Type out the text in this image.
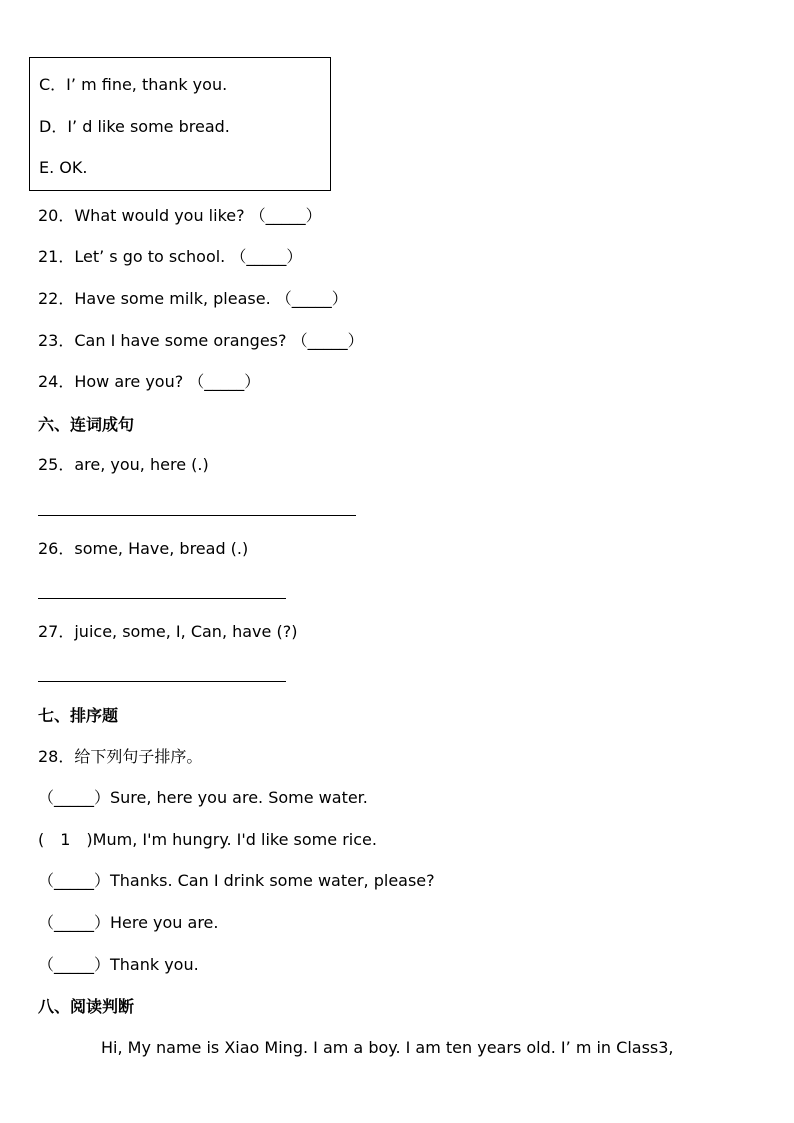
C．I’ m fine, thank you.
D．I’ d like some bread.
E. OK.
20．What would you like? （_____）
21．Let’ s go to school. （_____）
22．Have some milk, please. （_____）
23．Can I have some oranges? （_____）
24．How are you? （_____）
六、连词成句
25．are, you, here (.)
26．some, Have, bread (.)
27．juice, some, I, Can, have (?)
七、排序题
28．给下列句子排序。
（_____）Sure, here you are. Some water.
(　1　)Mum, I'm hungry. I'd like some rice.
（_____）Thanks. Can I drink some water, please?
（_____）Here you are.
（_____）Thank you.
八、阅读判断
Hi, My name is Xiao Ming. I am a boy. I am ten years old. I’ m in Class3,
